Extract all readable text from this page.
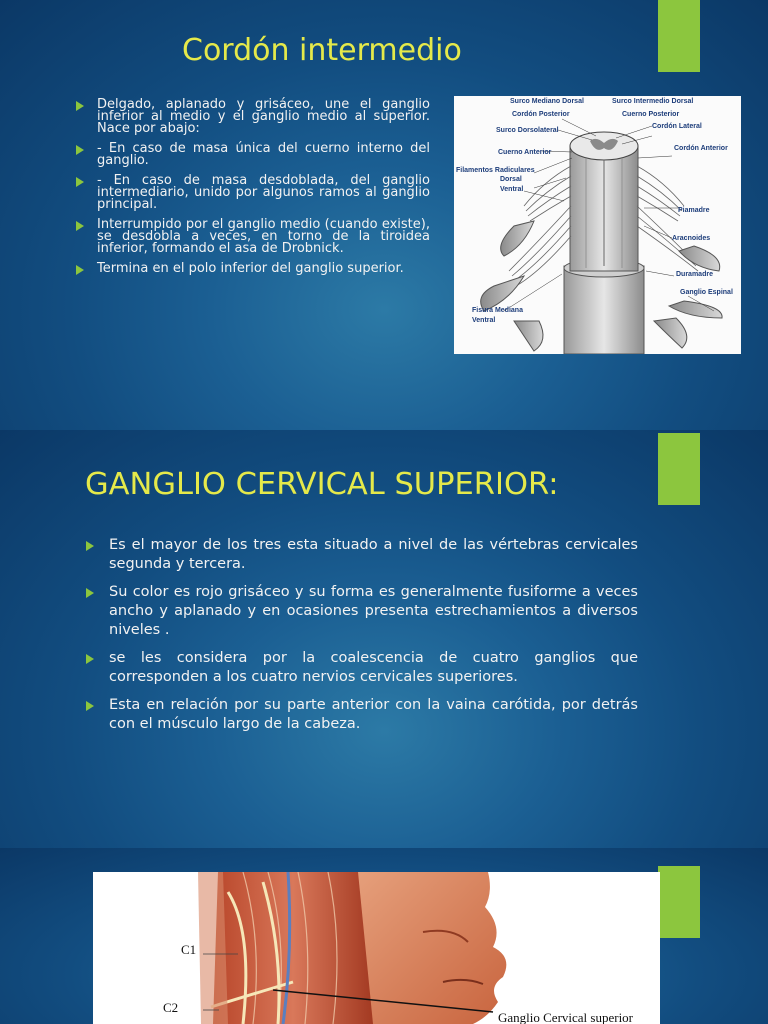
Cordón intermedio
Delgado, aplanado y grisáceo, une el ganglio inferior al medio y el ganglio medio al superior. Nace por abajo:
- En caso de masa única del cuerno interno del ganglio.
- En caso de masa desdoblada, del ganglio intermediario, unido por algunos ramos al ganglio principal.
Interrumpido por el ganglio medio (cuando existe), se desdobla a veces, en torno de la tiroidea inferior, formando el asa de Drobnick.
Termina en el polo inferior del ganglio superior.
Surco Mediano Dorsal	Surco Intermedio Dorsal
Cordón Posterior	Cuerno Posterior
Surco Dorsolateral
Cordón Lateral
Cuerno Anterior
Cordón Anterior
Filamentos Radiculares
Dorsal
Ventral
Piamadre
Aracnoides
Duramadre
Ganglio Espinal
Fisura Mediana
Ventral
GANGLIO CERVICAL SUPERIOR:
Es el mayor de los tres esta situado a nivel de las vértebras cervicales segunda y tercera.
Su color es rojo grisáceo y su forma es generalmente fusiforme a veces ancho y aplanado y en ocasiones presenta estrechamientos a diversos niveles .
se les considera por la coalescencia de cuatro ganglios que corresponden a los cuatro nervios cervicales superiores.
Esta en relación por su parte anterior con la vaina carótida, por detrás con el músculo largo de la cabeza.
C1
C2
Ganglio Cervical superior
